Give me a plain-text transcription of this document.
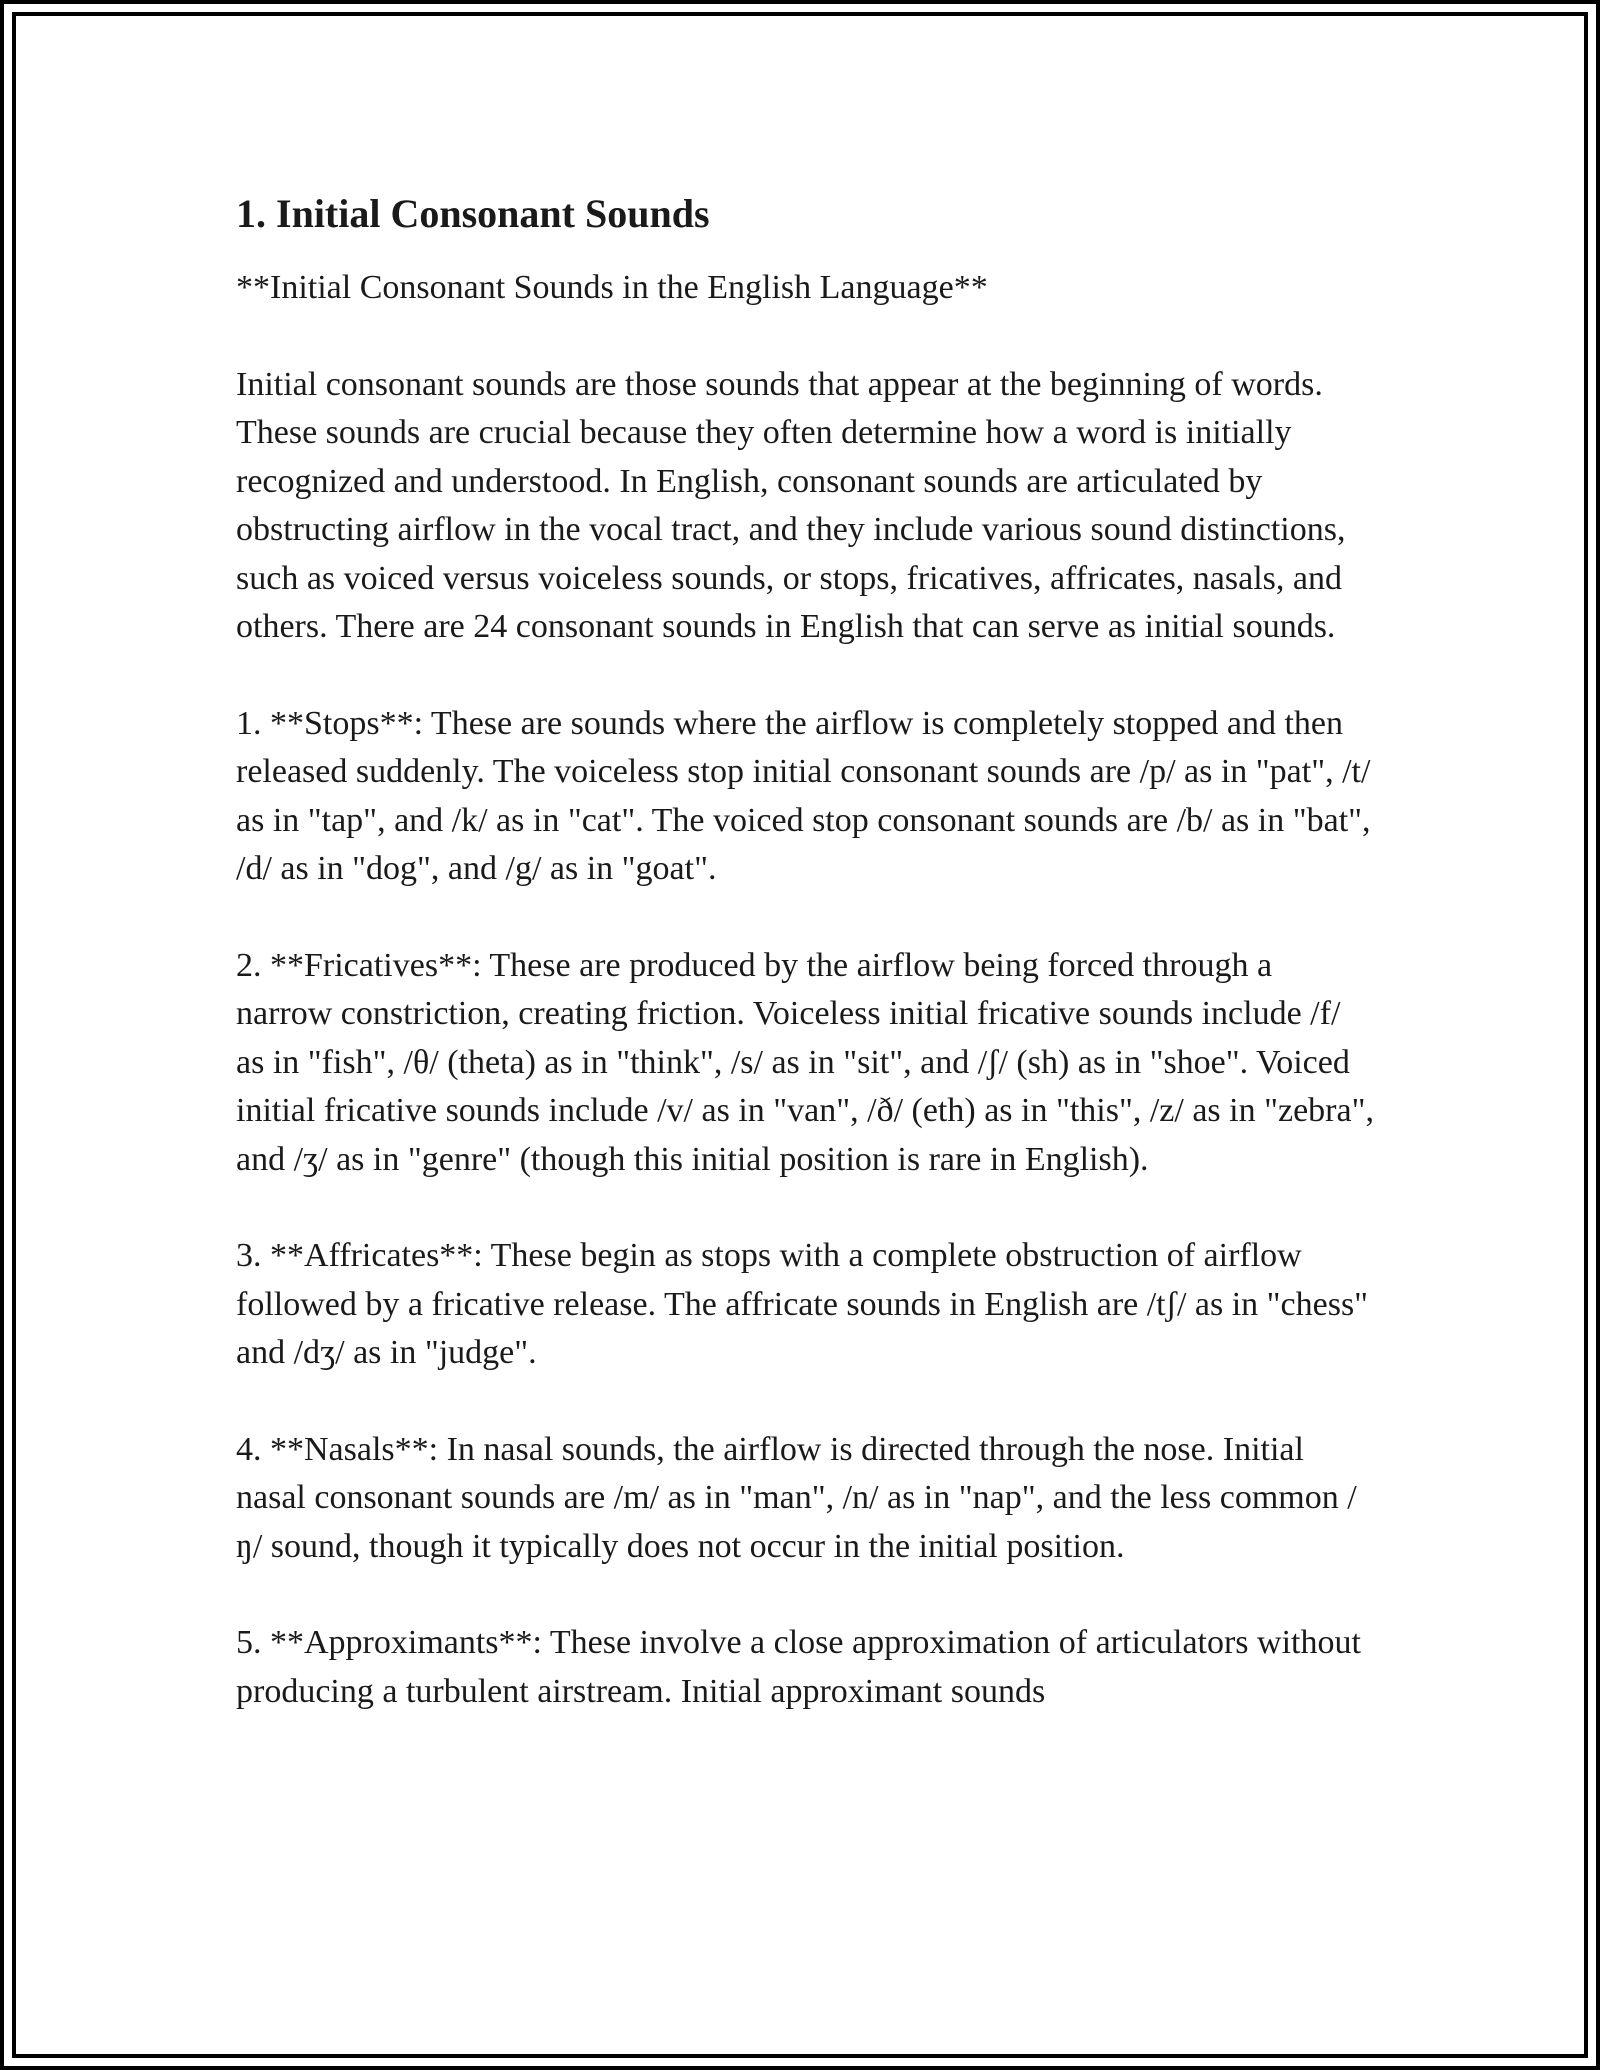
1. Initial Consonant Sounds

**Initial Consonant Sounds in the English Language**

Initial consonant sounds are those sounds that appear at the beginning of words. These sounds are crucial because they often determine how a word is initially recognized and understood. In English, consonant sounds are articulated by obstructing airflow in the vocal tract, and they include various sound distinctions, such as voiced versus voiceless sounds, or stops, fricatives, affricates, nasals, and others. There are 24 consonant sounds in English that can serve as initial sounds.

1. **Stops**: These are sounds where the airflow is completely stopped and then released suddenly. The voiceless stop initial consonant sounds are /p/ as in "pat", /t/ as in "tap", and /k/ as in "cat". The voiced stop consonant sounds are /b/ as in "bat", /d/ as in "dog", and /g/ as in "goat".

2. **Fricatives**: These are produced by the airflow being forced through a narrow constriction, creating friction. Voiceless initial fricative sounds include /f/ as in "fish", /θ/ (theta) as in "think", /s/ as in "sit", and /ʃ/ (sh) as in "shoe". Voiced initial fricative sounds include /v/ as in "van", /ð/ (eth) as in "this", /z/ as in "zebra", and /ʒ/ as in "genre" (though this initial position is rare in English).

3. **Affricates**: These begin as stops with a complete obstruction of airflow followed by a fricative release. The affricate sounds in English are /tʃ/ as in "chess" and /dʒ/ as in "judge".

4. **Nasals**: In nasal sounds, the airflow is directed through the nose. Initial nasal consonant sounds are /m/ as in "man", /n/ as in "nap", and the less common /ŋ/ sound, though it typically does not occur in the initial position.

5. **Approximants**: These involve a close approximation of articulators without producing a turbulent airstream. Initial approximant sounds
